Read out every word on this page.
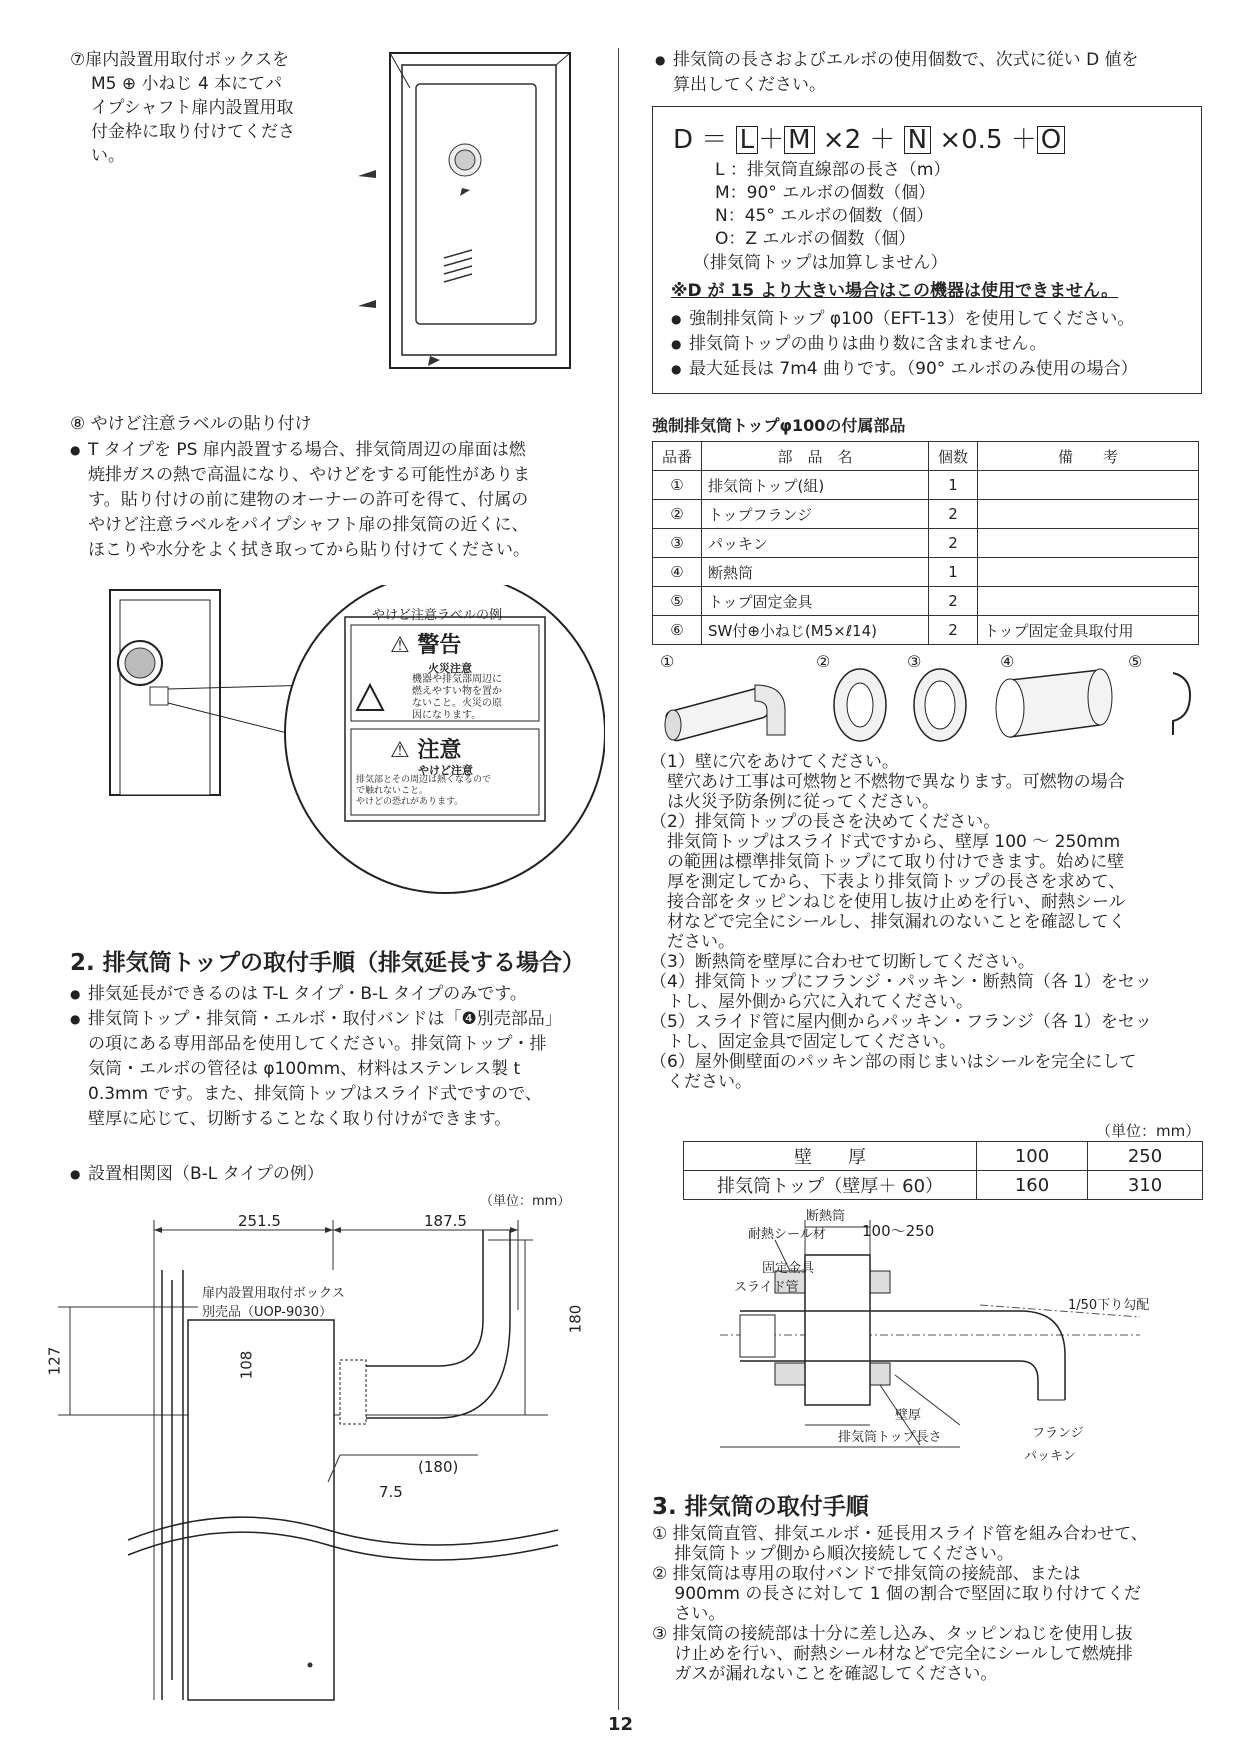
⑦扉内設置用取付ボックスを
M5 ⊕ 小ねじ 4 本にてパ
イプシャフト扉内設置用取
付金枠に取り付けてくださ
い。
⑧ やけど注意ラベルの貼り付け
● T タイプを PS 扉内設置する場合、排気筒周辺の扉面は燃
焼排ガスの熱で高温になり、やけどをする可能性がありま
す。貼り付けの前に建物のオーナーの許可を得て、付属の
やけど注意ラベルをパイプシャフト扉の排気筒の近くに、
ほこりや水分をよく拭き取ってから貼り付けてください。
やけど注意ラベルの例
⚠ 警告
火災注意
機器や排気部周辺に
燃えやすい物を置か
ないこと。火災の原
因になります。
⚠ 注意
やけど注意
排気部とその周辺は熱くなるので
で触れないこと。
やけどの恐れがあります。
2. 排気筒トップの取付手順（排気延長する場合）
● 排気延長ができるのは T-L タイプ・B-L タイプのみです。
● 排気筒トップ・排気筒・エルボ・取付バンドは「❹別売部品」
の項にある専用部品を使用してください。排気筒トップ・排
気筒・エルボの管径は φ100mm、材料はステンレス製 t
0.3mm です。また、排気筒トップはスライド式ですので、
壁厚に応じて、切断することなく取り付けができます。
● 設置相関図（B-L タイプの例）
（単位：mm）
251.5	187.5
127	108
180
(180)
7.5
扉内設置用取付ボックス
別売品（UOP-9030）
● 排気筒の長さおよびエルボの使用個数で、次式に従い D 値を
算出してください。
D ＝ L ＋ M ×2 ＋ N ×0.5 ＋ O
L ：排気筒直線部の長さ（m）
M：90° エルボの個数（個）
N：45° エルボの個数（個）
O：Z エルボの個数（個）
（排気筒トップは加算しません）
※D が 15 より大きい場合はこの機器は使用できません。
● 強制排気筒トップ φ100（EFT-13）を使用してください。
● 排気筒トップの曲りは曲り数に含まれません。
● 最大延長は 7m4 曲りです。（90° エルボのみ使用の場合）
強制排気筒トップφ100の付属部品
品番	部　品　名	個数	備　　考
①	排気筒トップ(組)	1	
②	トップフランジ	2	
③	パッキン	2	
④	断熱筒	1	
⑤	トップ固定金具	2	
⑥	SW付⊕小ねじ(M5×ℓ14)	2	トップ固定金具取付用
①	②	③	④	⑤
（1）壁に穴をあけてください。
　壁穴あけ工事は可燃物と不燃物で異なります。可燃物の場合
　は火災予防条例に従ってください。
（2）排気筒トップの長さを決めてください。
　排気筒トップはスライド式ですから、壁厚 100 ～ 250mm
　の範囲は標準排気筒トップにて取り付けできます。始めに壁
　厚を測定してから、下表より排気筒トップの長さを求めて、
　接合部をタッピンねじを使用し抜け止めを行い、耐熱シール
　材などで完全にシールし、排気漏れのないことを確認してく
　ださい。
（3）断熱筒を壁厚に合わせて切断してください。
（4）排気筒トップにフランジ・パッキン・断熱筒（各 1）をセッ
　トし、屋外側から穴に入れてください。
（5）スライド管に屋内側からパッキン・フランジ（各 1）をセッ
　トし、固定金具で固定してください。
（6）屋外側壁面のパッキン部の雨じまいはシールを完全にして
　ください。
（単位：mm）
壁　　厚	100	250
排気筒トップ（壁厚＋ 60）	160	310
断熱筒
耐熱シール材 100～250
固定金具
スライド管
1/50下り勾配
壁厚
排気筒トップ長さ	フランジ
パッキン
3. 排気筒の取付手順
① 排気筒直管、排気エルボ・延長用スライド管を組み合わせて、
　 排気筒トップ側から順次接続してください。
② 排気筒は専用の取付バンドで排気筒の接続部、または
　 900mm の長さに対して 1 個の割合で堅固に取り付けてくだ
　 さい。
③ 排気筒の接続部は十分に差し込み、タッピンねじを使用し抜
　 け止めを行い、耐熱シール材などで完全にシールして燃焼排
　 ガスが漏れないことを確認してください。
12
